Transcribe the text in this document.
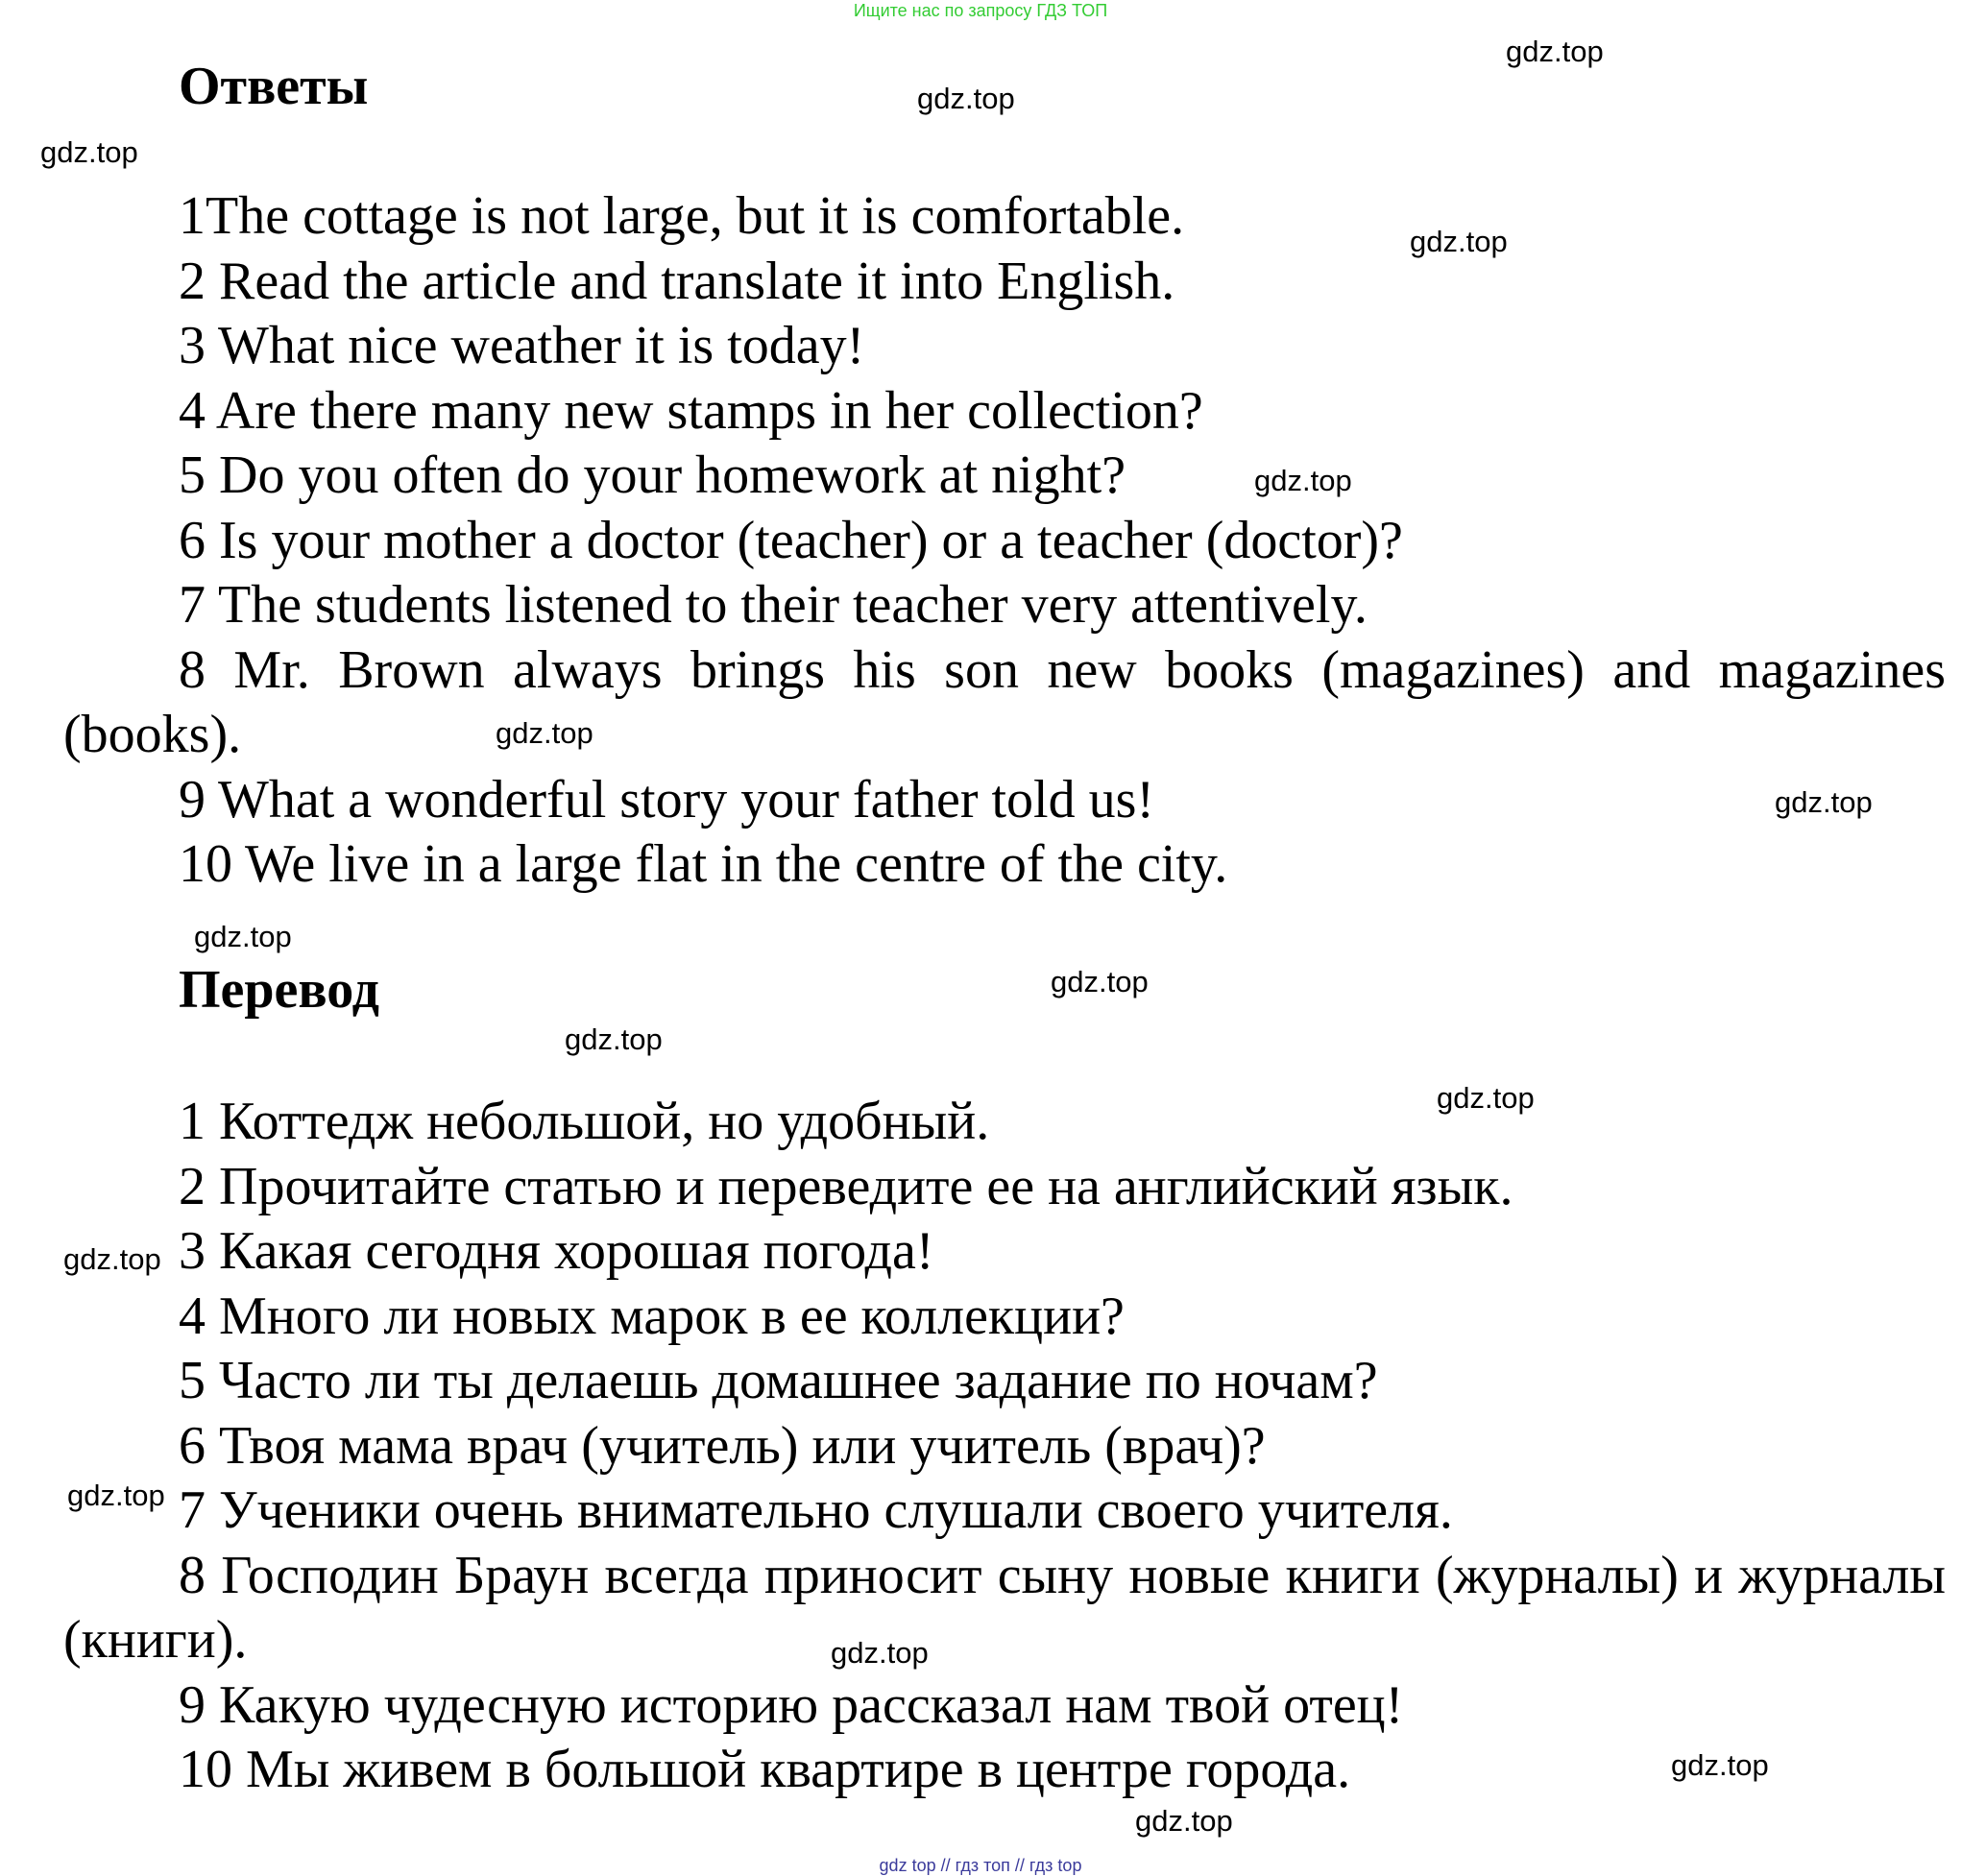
Ищите нас по запросу ГДЗ ТОП
Ответы
1The cottage is not large, but it is comfortable.
2 Read the article and translate it into English.
3 What nice weather it is today!
4 Are there many new stamps in her collection?
5 Do you often do your homework at night?
6 Is your mother a doctor (teacher) or a teacher (doctor)?
7 The students listened to their teacher very attentively.
8 Mr. Brown always brings his son new books (magazines) and magazines (books).
9 What a wonderful story your father told us!
10 We live in a large flat in the centre of the city.
Перевод
1 Коттедж небольшой, но удобный.
2 Прочитайте статью и переведите ее на английский язык.
3 Какая сегодня хорошая погода!
4 Много ли новых марок в ее коллекции?
5 Часто ли ты делаешь домашнее задание по ночам?
6 Твоя мама врач (учитель) или учитель (врач)?
7 Ученики очень внимательно слушали своего учителя.
8 Господин Браун всегда приносит сыну новые книги (журналы) и журналы (книги).
9 Какую чудесную историю рассказал нам твой отец!
10 Мы живем в большой квартире в центре города.
gdz.top
gdz.top
gdz.top
gdz.top
gdz.top
gdz.top
gdz.top
gdz.top
gdz.top
gdz.top
gdz.top
gdz.top
gdz.top
gdz.top
gdz.top
gdz.top
gdz top // гдз топ // гдз top
